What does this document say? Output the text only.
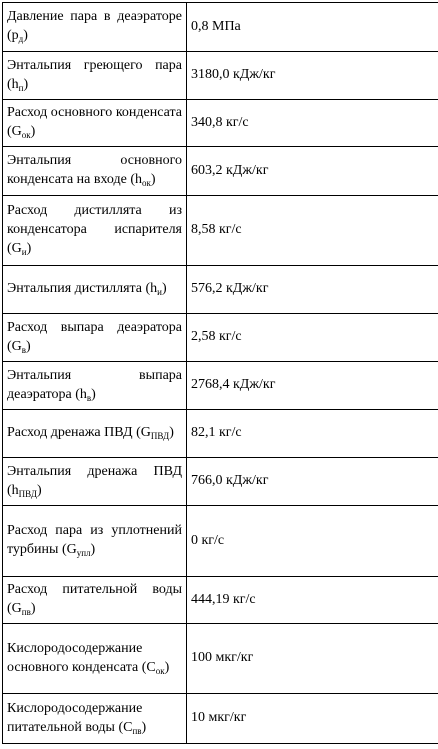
Давление пара в деаэраторе $(р_д)$	0,8 МПа
Энтальпия греющего пара $(h_п)$	3180,0 кДж/кг
Расход основного конденсата $(G_{ок})$	340,8 кг/с
Энтальпия основного конденсата на входе $(h_{ок})$	603,2 кДж/кг
Расход дистиллята из конденсатора испарителя $(G_и)$	8,58 кг/с
Энтальпия дистиллята $(h_и)$	576,2 кДж/кг
Расход выпара деаэратора $(G_в)$	2,58 кг/с
Энтальпия выпара деаэратора $(h_в)$	2768,4 кДж/кг
Расход дренажа ПВД $(G_{ПВД})$	82,1 кг/с
Энтальпия дренажа ПВД $(h_{ПВД})$	766,0 кДж/кг
Расход пара из уплотнений турбины $(G_{упл})$	0 кг/с
Расход питательной воды $(G_{пв})$	444,19 кг/с
Кислородосодержание основного конденсата $(С_{ок})$	100 мкг/кг
Кислородосодержание питательной воды $(С_{пв})$	10 мкг/кг
